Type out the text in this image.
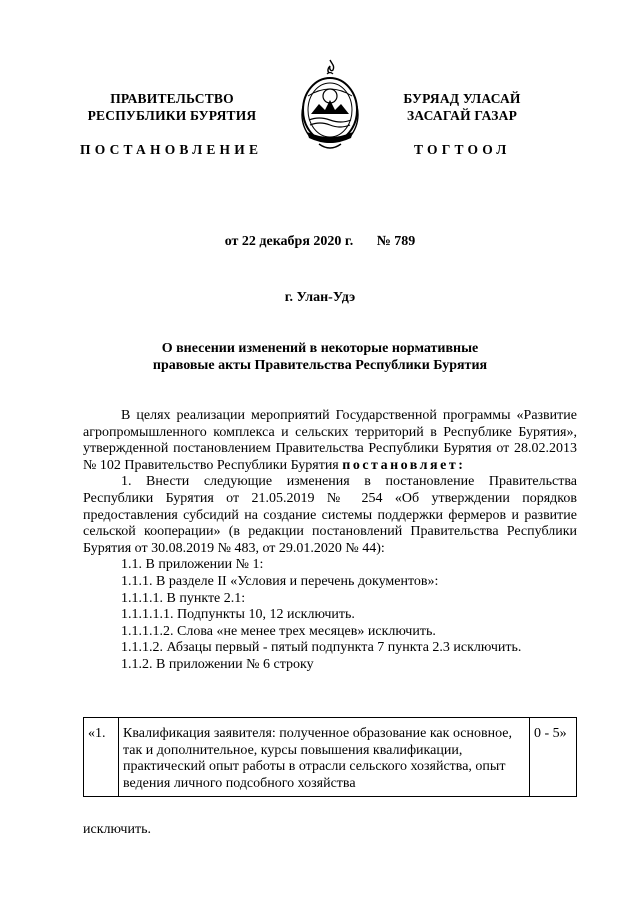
ПРАВИТЕЛЬСТВО
РЕСПУБЛИКИ БУРЯТИЯ
ПОСТАНОВЛЕНИЕ
БУРЯАД УЛАСАЙ
ЗАСАГАЙ ГАЗАР
ТОГТООЛ
от 22 декабря 2020 г. № 789
г. Улан-Удэ
О внесении изменений в некоторые нормативные
правовые акты Правительства Республики Бурятия

В целях реализации мероприятий Государственной программы «Развитие агропромышленного комплекса и сельских территорий в Республике Бурятия», утвержденной постановлением Правительства Республики Бурятия от 28.02.2013 № 102 Правительство Республики Бурятия постановляет:

1. Внести следующие изменения в постановление Правительства Республики Бурятия от 21.05.2019 № 254 «Об утверждении порядков предоставления субсидий на создание системы поддержки фермеров и развитие сельской кооперации» (в редакции постановлений Правительства Республики Бурятия от 30.08.2019 № 483, от 29.01.2020 № 44):

1.1. В приложении № 1:

1.1.1. В разделе II «Условия и перечень документов»:

1.1.1.1. В пункте 2.1:

1.1.1.1.1. Подпункты 10, 12 исключить.

1.1.1.1.2. Слова «не менее трех месяцев» исключить.

1.1.1.2. Абзацы первый - пятый подпункта 7 пункта 2.3 исключить.

1.1.2. В приложении № 6 строку

«1.	Квалификация заявителя: полученное образование как основное, так и дополнительное, курсы повышения квалификации, практический опыт работы в отрасли сельского хозяйства, опыт ведения личного подсобного хозяйства	0 - 5»
исключить.
